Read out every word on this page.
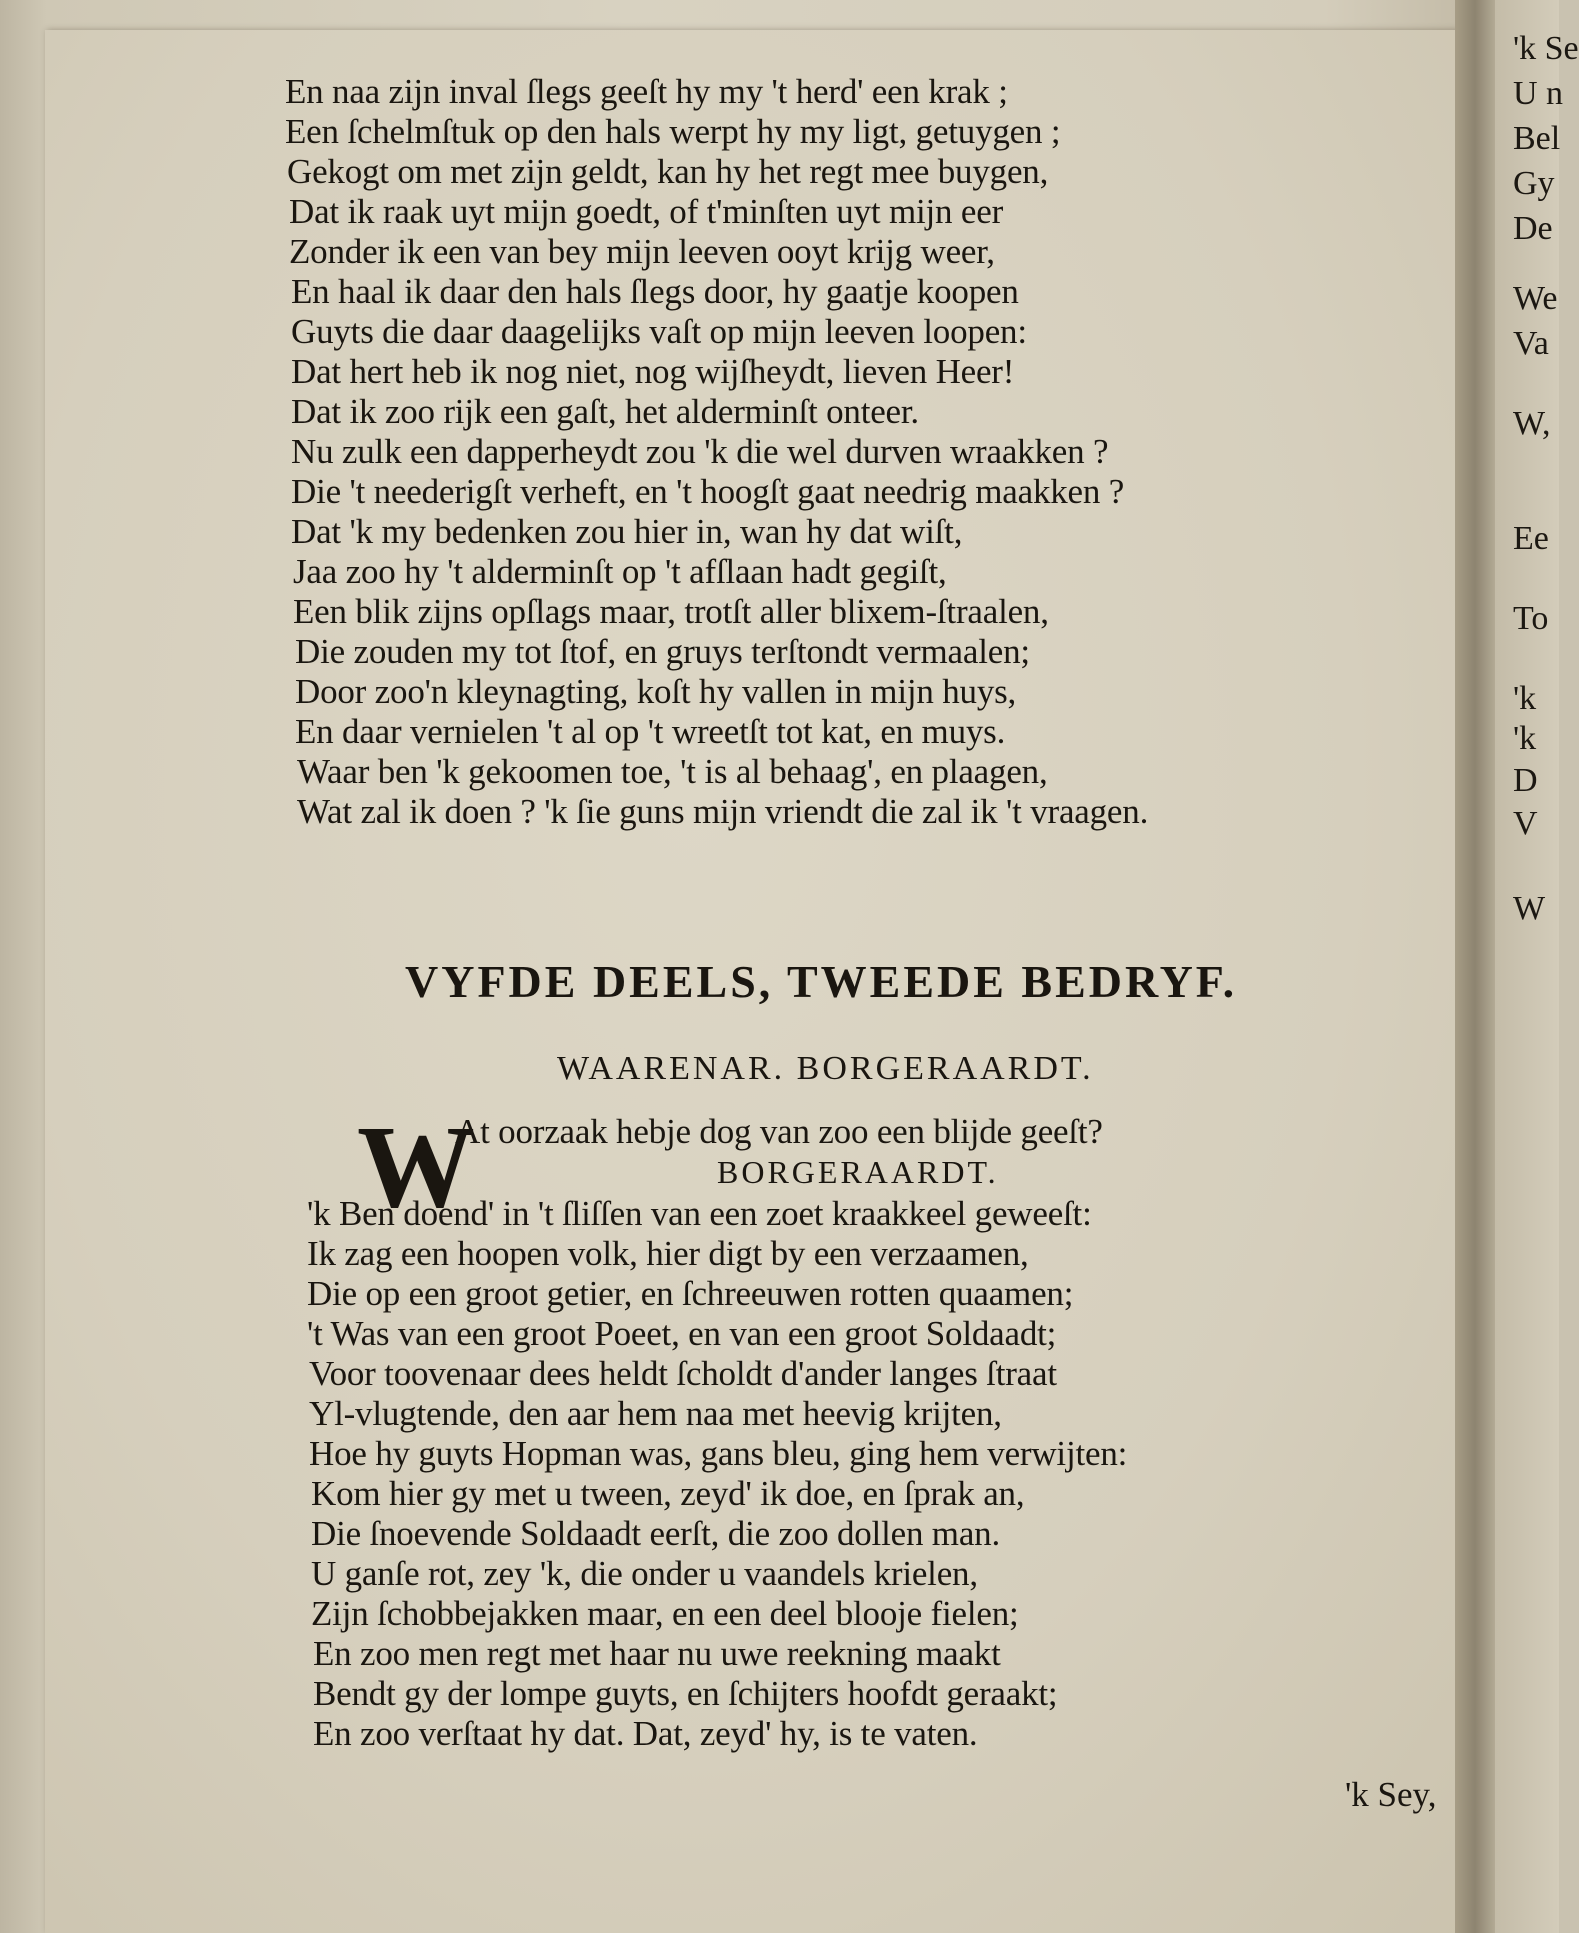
En naa zijn inval ſlegs geeſt hy my 't herd' een krak ;
Een ſchelmſtuk op den hals werpt hy my ligt, getuygen ;
Gekogt om met zijn geldt, kan hy het regt mee buygen,
Dat ik raak uyt mijn goedt, of t'minſten uyt mijn eer
Zonder ik een van bey mijn leeven ooyt krijg weer,
En haal ik daar den hals ſlegs door, hy gaatje koopen
Guyts die daar daagelijks vaſt op mijn leeven loopen:
Dat hert heb ik nog niet, nog wijſheydt, lieven Heer!
Dat ik zoo rijk een gaſt, het alderminſt onteer.
Nu zulk een dapperheydt zou 'k die wel durven wraakken ?
Die 't neederigſt verheft, en 't hoogſt gaat needrig maakken ?
Dat 'k my bedenken zou hier in, wan hy dat wiſt,
Jaa zoo hy 't alderminſt op 't afſlaan hadt gegiſt,
Een blik zijns opſlags maar, trotſt aller blixem-ſtraalen,
Die zouden my tot ſtof, en gruys terſtondt vermaalen;
Door zoo'n kleynagting, koſt hy vallen in mijn huys,
En daar vernielen 't al op 't wreetſt tot kat, en muys.
Waar ben 'k gekoomen toe, 't is al behaag', en plaagen,
Wat zal ik doen ? 'k ſie guns mijn vriendt die zal ik 't vraagen.
VYFDE DEELS, TWEEDE BEDRYF.
WAARENAR. BORGERAARDT.
W
At oorzaak hebje dog van zoo een blijde geeſt?
BORGERAARDT.
'k Ben doend' in 't ſliſſen van een zoet kraakkeel geweeſt:
Ik zag een hoopen volk, hier digt by een verzaamen,
Die op een groot getier, en ſchreeuwen rotten quaamen;
't Was van een groot Poeet, en van een groot Soldaadt;
Voor toovenaar dees heldt ſcholdt d'ander langes ſtraat
Yl-vlugtende, den aar hem naa met heevig krijten,
Hoe hy guyts Hopman was, gans bleu, ging hem verwijten:
Kom hier gy met u tween, zeyd' ik doe, en ſprak an,
Die ſnoevende Soldaadt eerſt, die zoo dollen man.
U ganſe rot, zey 'k, die onder u vaandels krielen,
Zijn ſchobbejakken maar, en een deel blooje fielen;
En zoo men regt met haar nu uwe reekning maakt
Bendt gy der lompe guyts, en ſchijters hoofdt geraakt;
En zoo verſtaat hy dat. Dat, zeyd' hy, is te vaten.
'k Sey,
'k Se
U n
Bel
Gy
De
We
Va
W,
Ee
To
'k
'k
D
V
W
